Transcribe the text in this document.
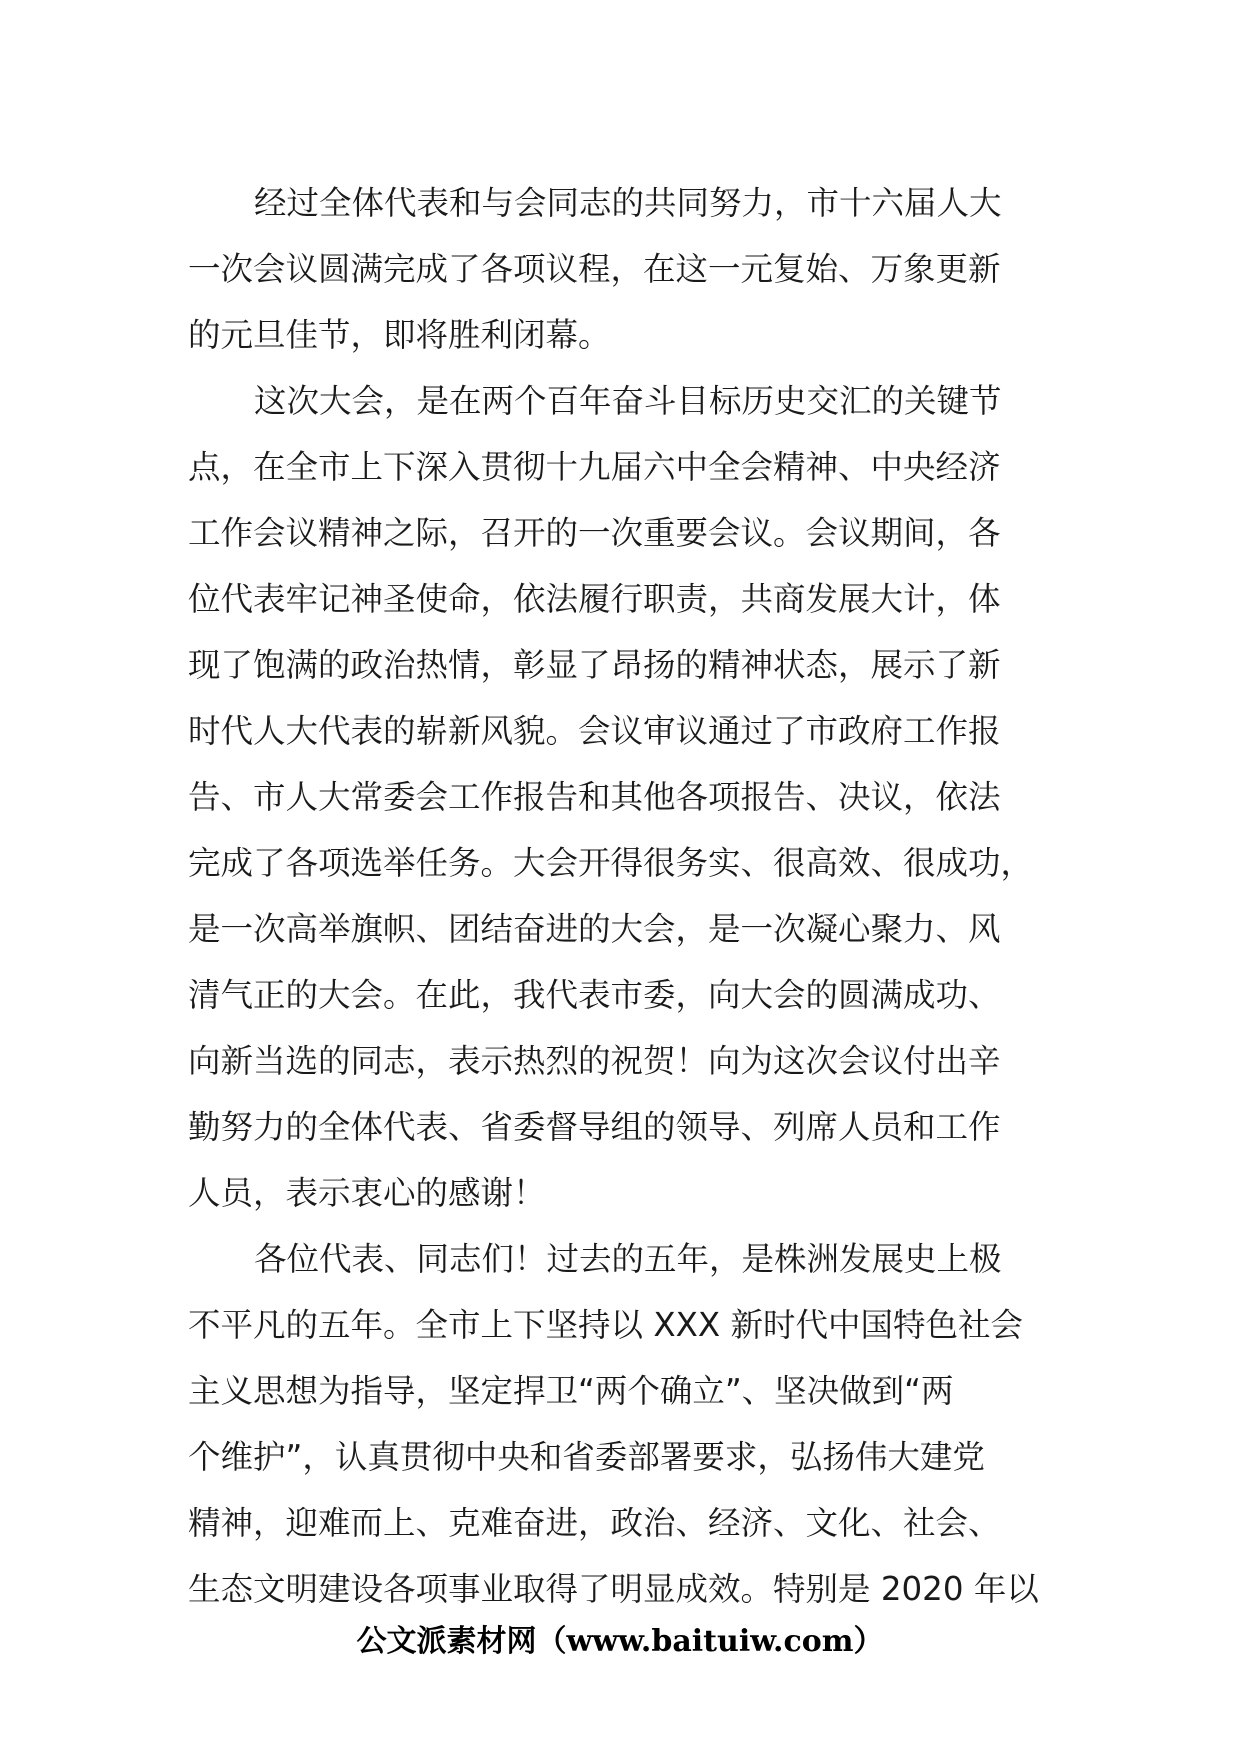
经过全体代表和与会同志的共同努力，市十六届人大
一次会议圆满完成了各项议程，在这一元复始、万象更新
的元旦佳节，即将胜利闭幕。
这次大会，是在两个百年奋斗目标历史交汇的关键节
点，在全市上下深入贯彻十九届六中全会精神、中央经济
工作会议精神之际，召开的一次重要会议。会议期间，各
位代表牢记神圣使命，依法履行职责，共商发展大计，体
现了饱满的政治热情，彰显了昂扬的精神状态，展示了新
时代人大代表的崭新风貌。会议审议通过了市政府工作报
告、市人大常委会工作报告和其他各项报告、决议，依法
完成了各项选举任务。大会开得很务实、很高效、很成功，
是一次高举旗帜、团结奋进的大会，是一次凝心聚力、风
清气正的大会。在此，我代表市委，向大会的圆满成功、
向新当选的同志，表示热烈的祝贺！向为这次会议付出辛
勤努力的全体代表、省委督导组的领导、列席人员和工作
人员，表示衷心的感谢！
各位代表、同志们！过去的五年，是株洲发展史上极
不平凡的五年。全市上下坚持以 XXX 新时代中国特色社会
主义思想为指导，坚定捍卫“两个确立”、坚决做到“两
个维护”，认真贯彻中央和省委部署要求，弘扬伟大建党
精神，迎难而上、克难奋进，政治、经济、文化、社会、
生态文明建设各项事业取得了明显成效。特别是 2020 年以
公文派素材网（www.baituiw.com）
